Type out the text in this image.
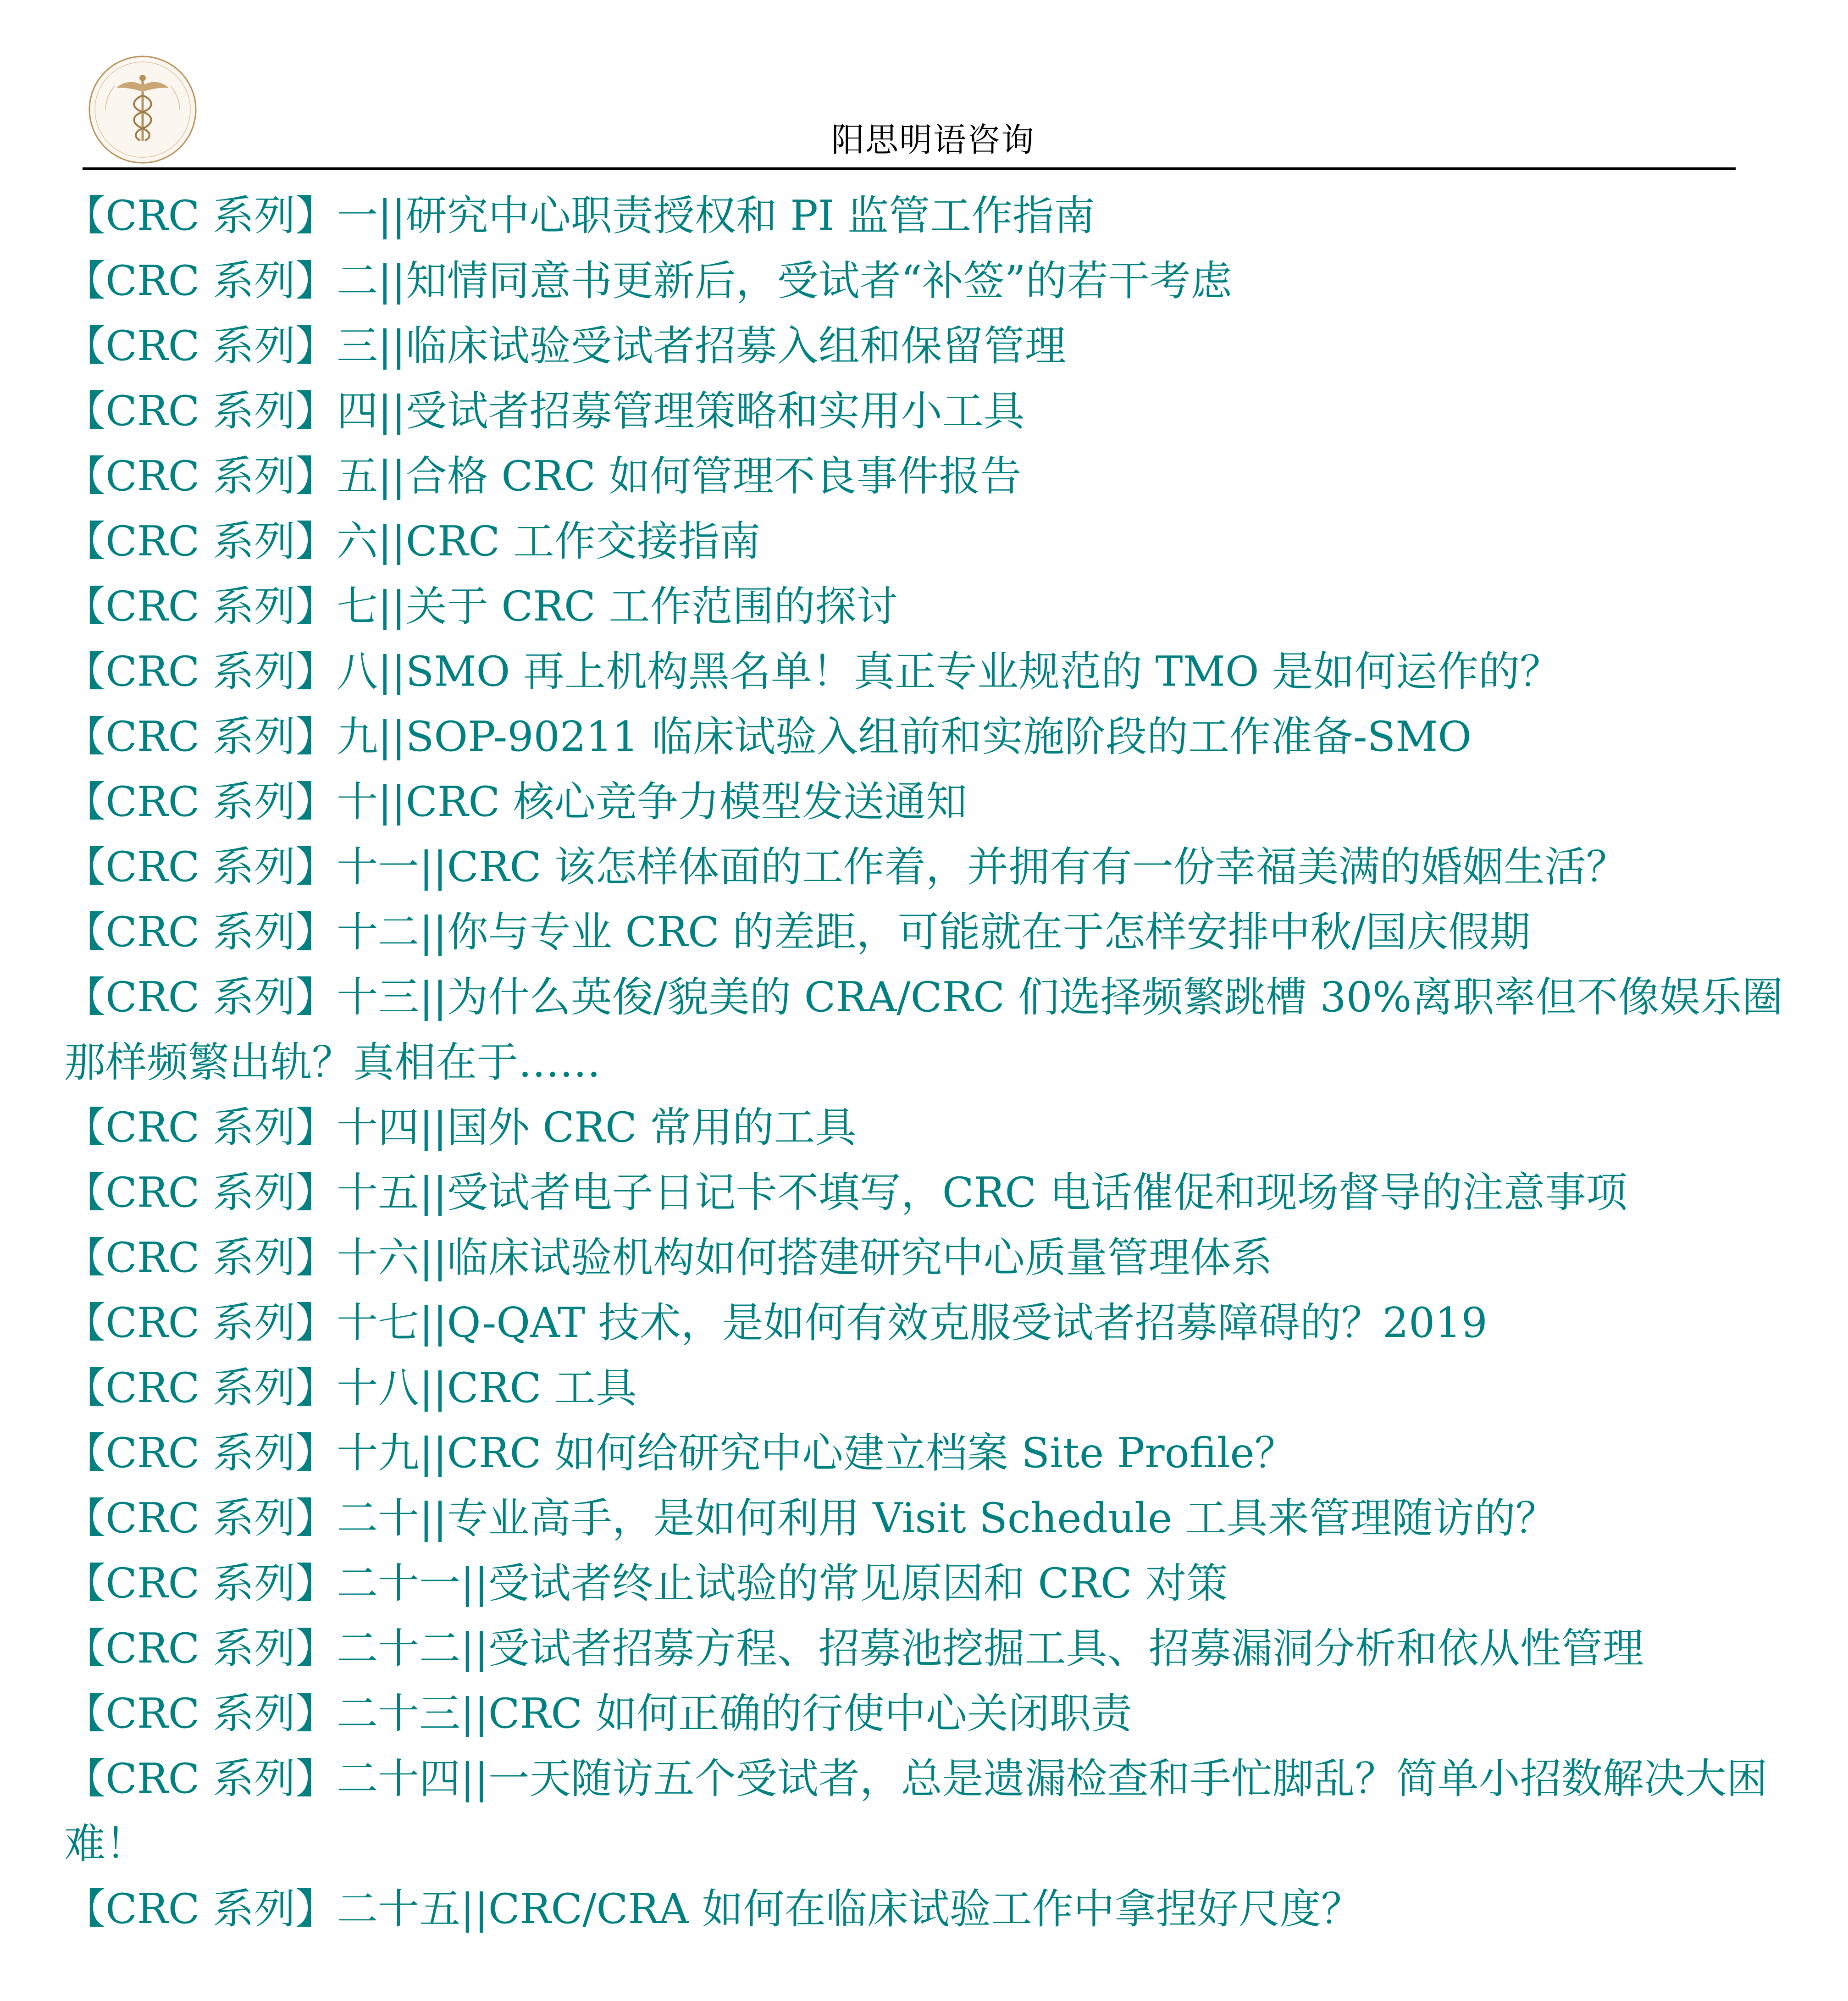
阳思明语咨询
【CRC 系列】一||研究中心职责授权和 PI 监管工作指南
【CRC 系列】二||知情同意书更新后，受试者“补签”的若干考虑
【CRC 系列】三||临床试验受试者招募入组和保留管理
【CRC 系列】四||受试者招募管理策略和实用小工具
【CRC 系列】五||合格 CRC 如何管理不良事件报告
【CRC 系列】六||CRC 工作交接指南
【CRC 系列】七||关于 CRC 工作范围的探讨
【CRC 系列】八||SMO 再上机构黑名单！真正专业规范的 TMO 是如何运作的？
【CRC 系列】九||SOP-90211 临床试验入组前和实施阶段的工作准备-SMO
【CRC 系列】十||CRC 核心竞争力模型发送通知
【CRC 系列】十一||CRC 该怎样体面的工作着，并拥有有一份幸福美满的婚姻生活？
【CRC 系列】十二||你与专业 CRC 的差距，可能就在于怎样安排中秋/国庆假期
【CRC 系列】十三||为什么英俊/貌美的 CRA/CRC 们选择频繁跳槽 30%离职率但不像娱乐圈那样频繁出轨？真相在于……
【CRC 系列】十四||国外 CRC 常用的工具
【CRC 系列】十五||受试者电子日记卡不填写，CRC 电话催促和现场督导的注意事项
【CRC 系列】十六||临床试验机构如何搭建研究中心质量管理体系
【CRC 系列】十七||Q-QAT 技术，是如何有效克服受试者招募障碍的？2019
【CRC 系列】十八||CRC 工具
【CRC 系列】十九||CRC 如何给研究中心建立档案 Site Profile？
【CRC 系列】二十||专业高手，是如何利用 Visit Schedule 工具来管理随访的？
【CRC 系列】二十一||受试者终止试验的常见原因和 CRC 对策
【CRC 系列】二十二||受试者招募方程、招募池挖掘工具、招募漏洞分析和依从性管理
【CRC 系列】二十三||CRC 如何正确的行使中心关闭职责
【CRC 系列】二十四||一天随访五个受试者，总是遗漏检查和手忙脚乱？简单小招数解决大困难！
【CRC 系列】二十五||CRC/CRA 如何在临床试验工作中拿捏好尺度？
